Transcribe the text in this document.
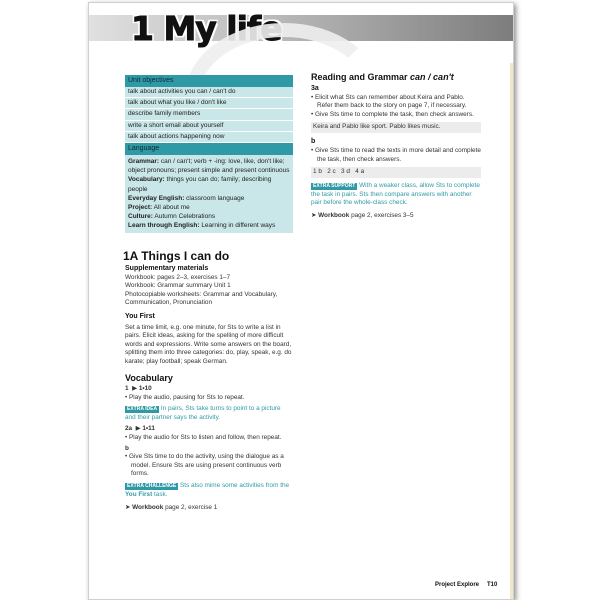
1 My life
Unit objectives
talk about activities you can / can't do
talk about what you like / don't like
describe family members
write a short email about yourself
talk about actions happening now
Language

Grammar: can / can't; verb + -ing: love, like, don't like; object pronouns; present simple and present continuous

Vocabulary: things you can do; family; describing people

Everyday English: classroom language

Project: All about me

Culture: Autumn Celebrations

Learn through English: Learning in different ways

1A Things I can do

Supplementary materials

Workbook: pages 2–3, exercises 1–7

Workbook: Grammar summary Unit 1

Photocopiable worksheets: Grammar and Vocabulary,

Communication, Pronunciation

You First

Set a time limit, e.g. one minute, for Sts to write a list in pairs. Elicit ideas, asking for the spelling of more difficult words and expressions. Write some answers on the board, splitting them into three categories: do, play, speak, e.g. do karate; play football; speak German.

Vocabulary

1 ▶ 1•10

• Play the audio, pausing for Sts to repeat.

EXTRA IDEA In pairs, Sts take turns to point to a picture and their partner says the activity.

2a ▶ 1•11

• Play the audio for Sts to listen and follow, then repeat.

b

• Give Sts time to do the activity, using the dialogue as a model. Ensure Sts are using present continuous verb forms.

EXTRA CHALLENGE Sts also mime some activities from the You First task.

➤ Workbook page 2, exercise 1

Reading and Grammar can / can't

3a

• Elicit what Sts can remember about Keira and Pablo. Refer them back to the story on page 7, if necessary.

• Give Sts time to complete the task, then check answers.

Keira and Pablo like sport. Pablo likes music.

b

• Give Sts time to read the texts in more detail and complete the task, then check answers.

1 b   2 c   3 d   4 a

EXTRA SUPPORT With a weaker class, allow Sts to complete the task in pairs. Sts then compare answers with another pair before the whole-class check.

➤ Workbook page 2, exercises 3–5

Project Explore T10
